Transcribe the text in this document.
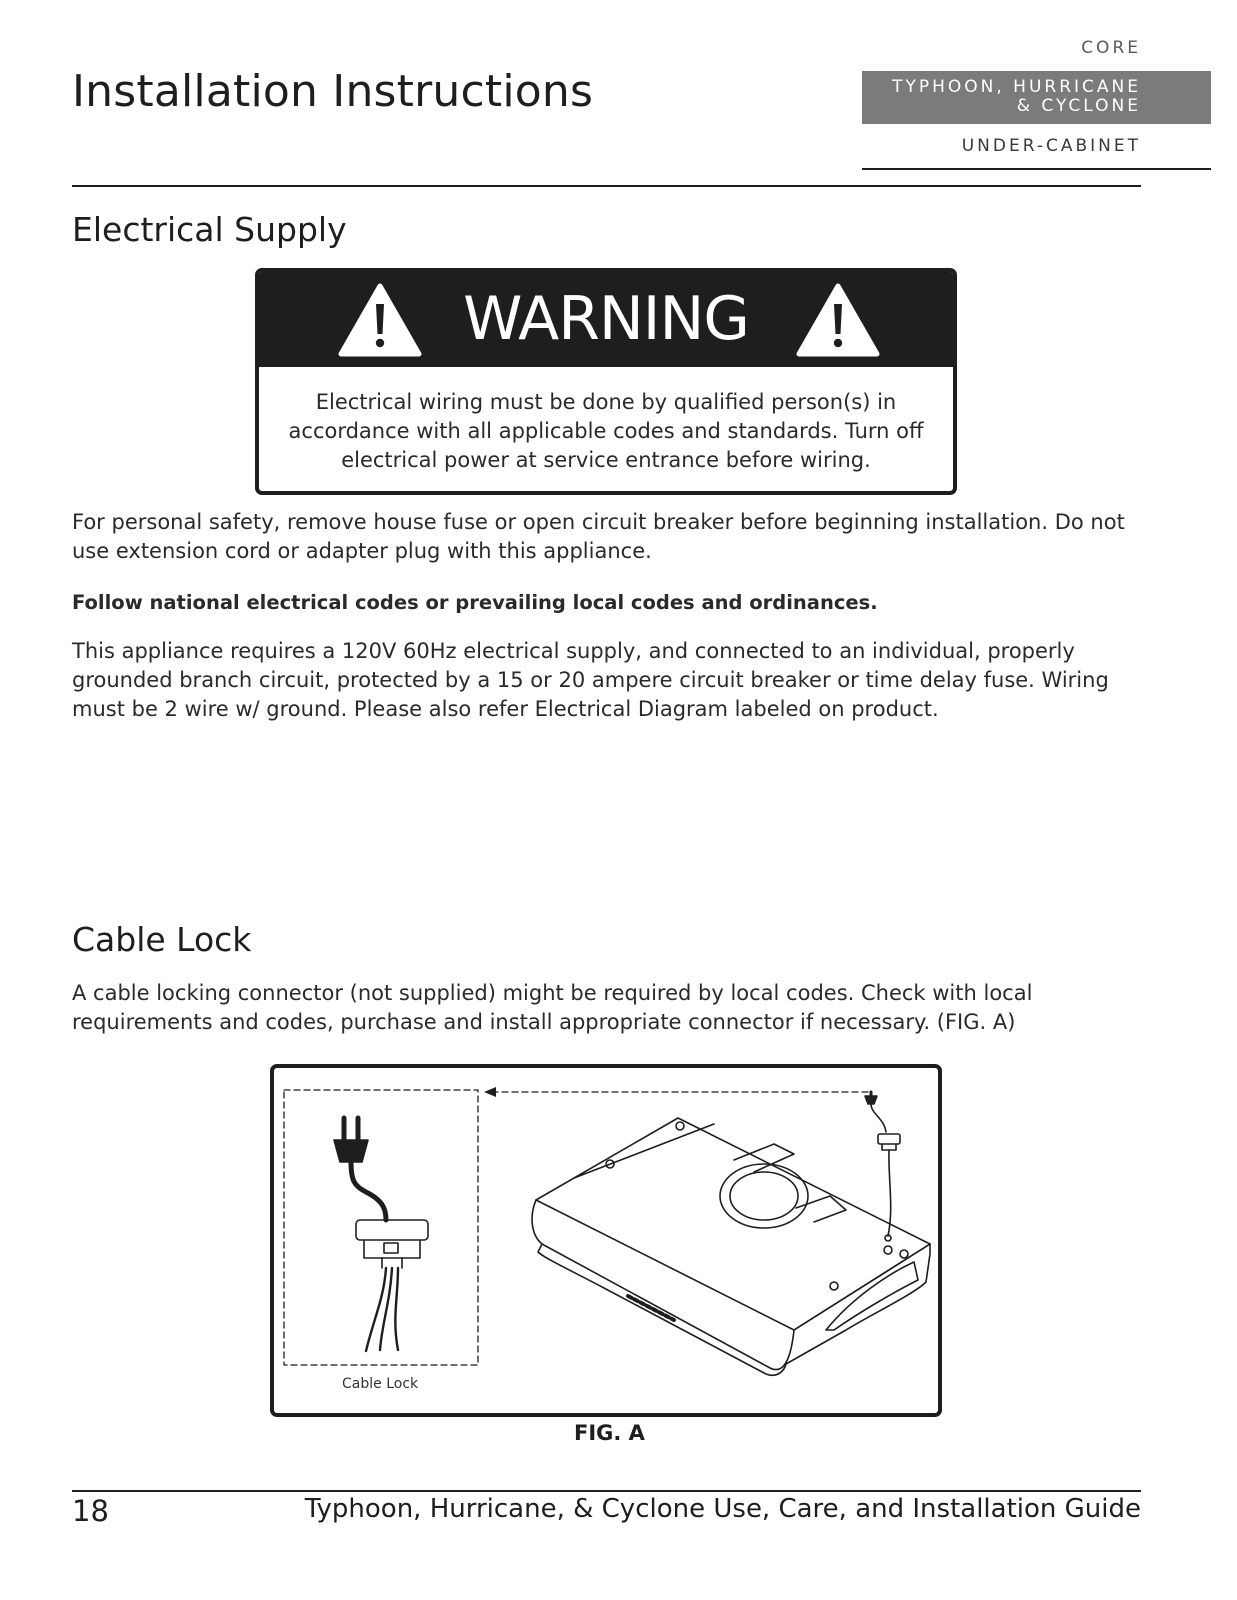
Installation Instructions
CORE
TYPHOON, HURRICANE
& CYCLONE
UNDER-CABINET
Electrical Supply
WARNING
Electrical wiring must be done by qualified person(s) in
accordance with all applicable codes and standards. Turn off
electrical power at service entrance before wiring.
For personal safety, remove house fuse or open circuit breaker before beginning installation. Do not use extension cord or adapter plug with this appliance.
Follow national electrical codes or prevailing local codes and ordinances.
This appliance requires a 120V 60Hz electrical supply, and connected to an individual, properly grounded branch circuit, protected by a 15 or 20 ampere circuit breaker or time delay fuse. Wiring must be 2 wire w/ ground. Please also refer Electrical Diagram labeled on product.
Cable Lock
A cable locking connector (not supplied) might be required by local codes. Check with local requirements and codes, purchase and install appropriate connector if necessary. (FIG. A)
Cable Lock
FIG. A
18	Typhoon, Hurricane, & Cyclone Use, Care, and Installation Guide
